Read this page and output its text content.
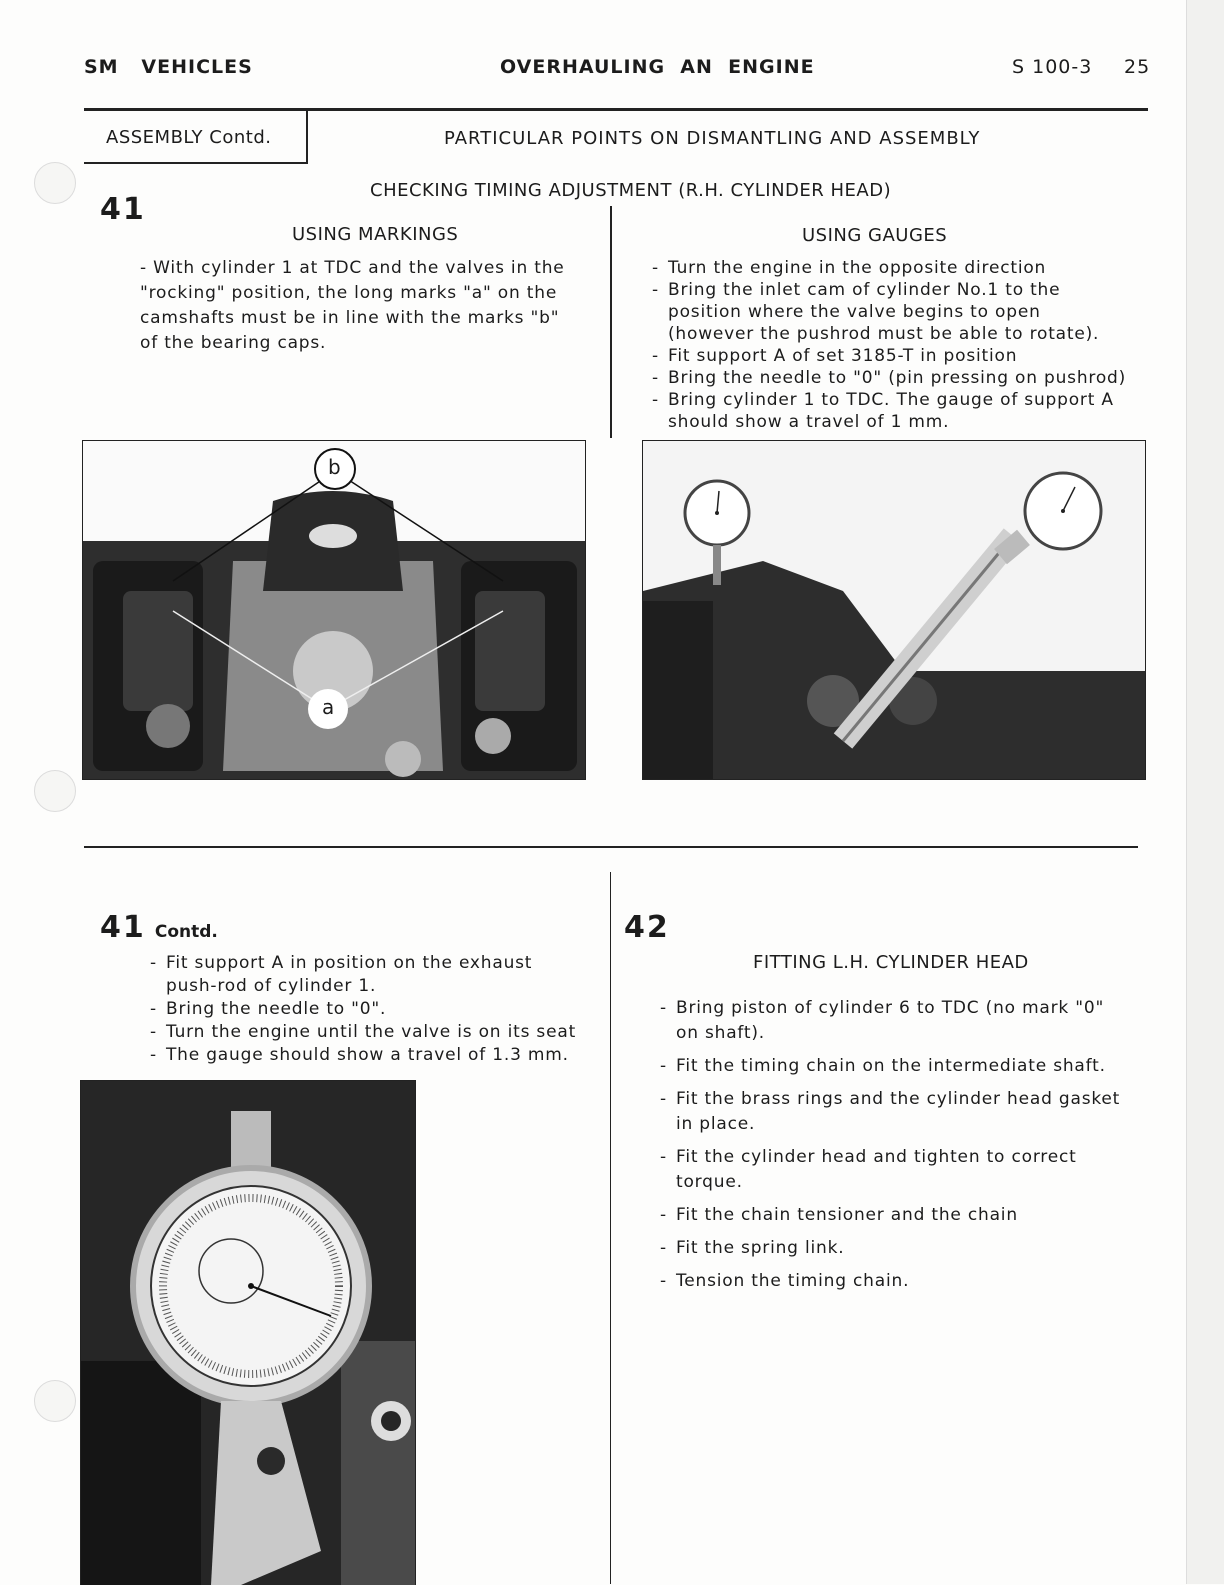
SM   VEHICLES	OVERHAULING  AN  ENGINE	S 100-3 25
ASSEMBLY Contd.	PARTICULAR POINTS ON DISMANTLING AND ASSEMBLY
41
CHECKING TIMING ADJUSTMENT (R.H. CYLINDER HEAD)
USING MARKINGS
- With cylinder 1 at TDC and the valves in the "rocking" position, the long marks "a" on the camshafts must be in line with the marks "b" of the bearing caps.
USING GAUGES
- Turn the engine in the opposite direction
- Bring the inlet cam of cylinder No.1 to the position where the valve begins to open (however the pushrod must be able to rotate).
- Fit support A of set 3185-T in position
- Bring the needle to "0" (pin pressing on pushrod)
- Bring cylinder 1 to TDC. The gauge of support A should show a travel of 1 mm.
b
a
41 Contd.
- Fit support A in position on the exhaust push-rod of cylinder 1.
- Bring the needle to "0".
- Turn the engine until the valve is on its seat
- The gauge should show a travel of 1.3 mm.
42
FITTING L.H. CYLINDER HEAD
- Bring piston of cylinder 6 to TDC (no mark "0" on shaft).
- Fit the timing chain on the intermediate shaft.
- Fit the brass rings and the cylinder head gasket in place.
- Fit the cylinder head and tighten to correct torque.
- Fit the chain tensioner and the chain
- Fit the spring link.
- Tension the timing chain.
